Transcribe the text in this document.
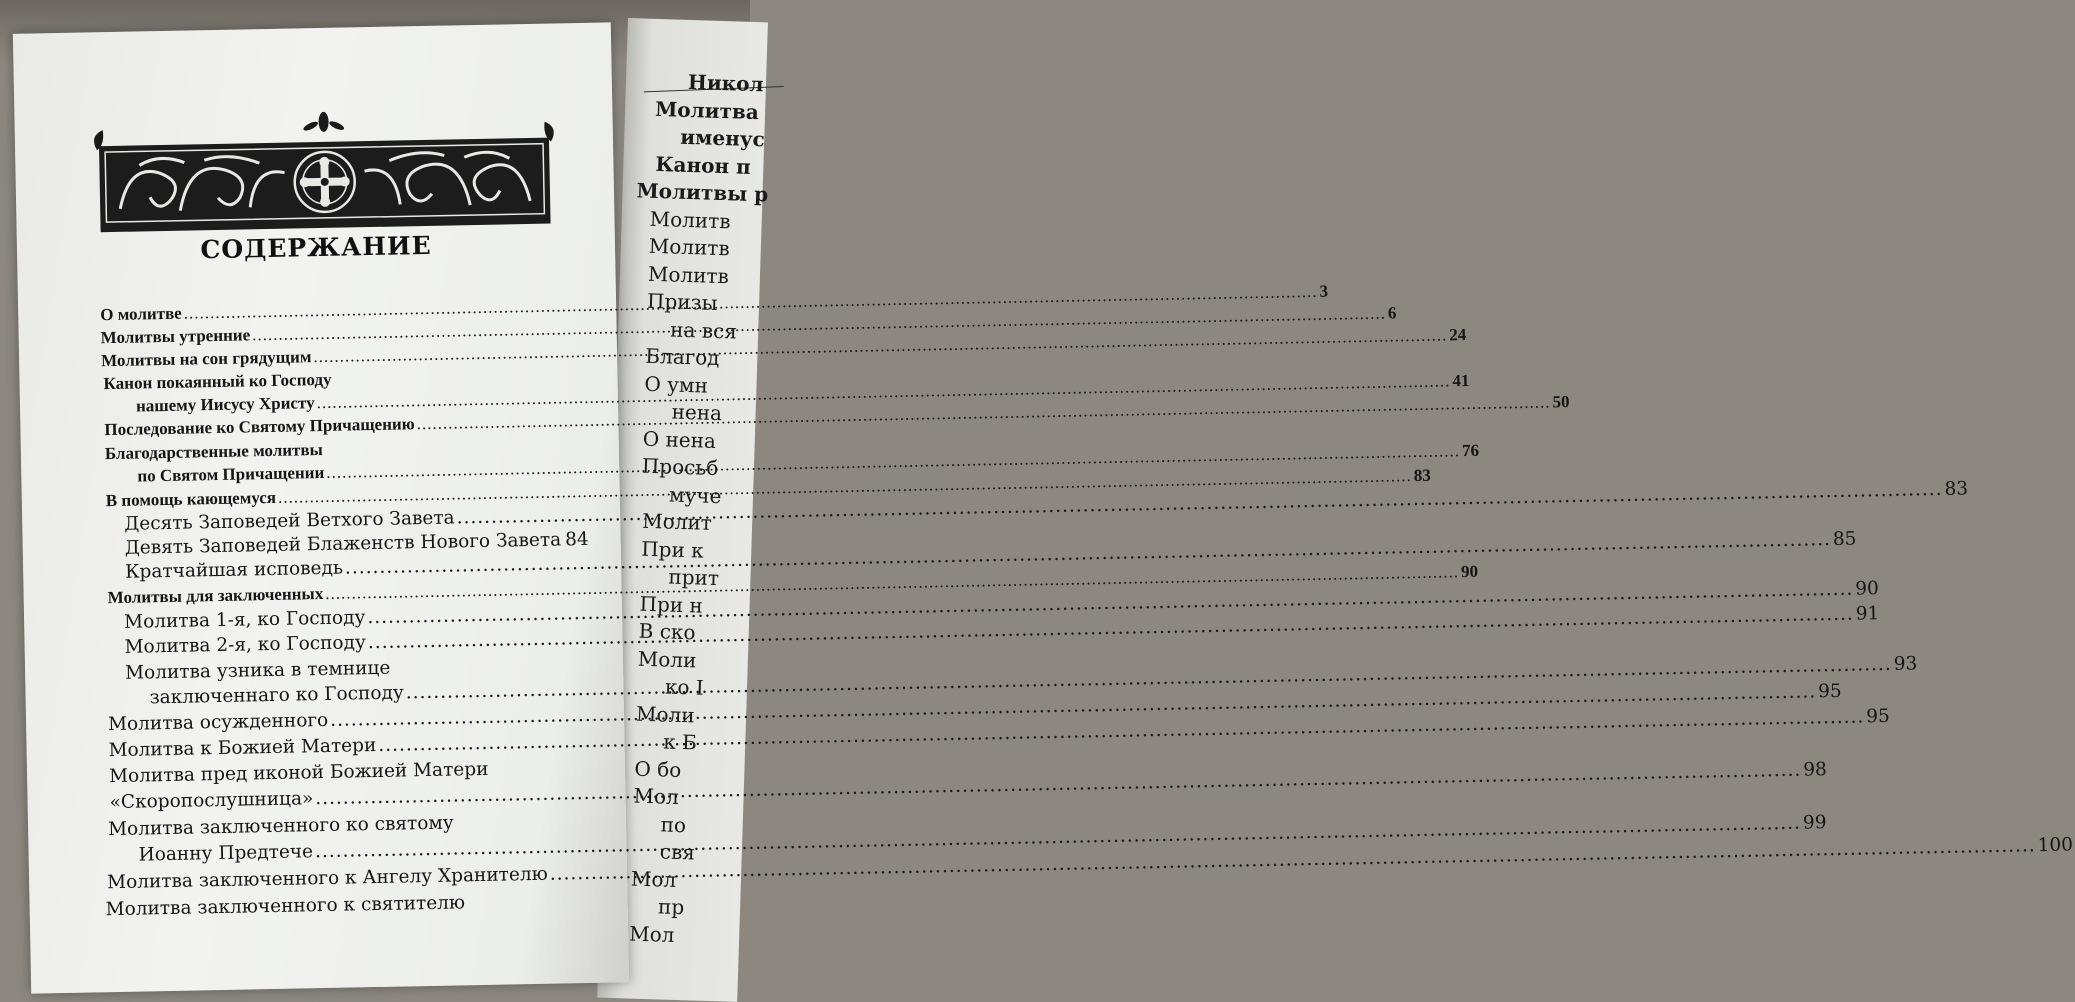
Никол
Молитва
именус
Канон п
Молитвы р
Молитв
Молитв
Молитв
Призы
на вся
Благод
О умн
нена
О нена
Просьб
муче
Молит
При к
прит
При н
В ско
Моли
ко I
Моли
к Б
О бо
Мол
по
свя
Мол
пр
Мол
СОДЕРЖАНИЕ
О молитве
.....
3
Молитвы утренние
.....
6
Молитвы на сон грядущим
.....
24
Канон покаянный ко Господу
нашему Иисусу Христу
.....
41
Последование ко Святому Причащению
.....
50
Благодарственные молитвы
по Святом Причащении
.....
76
В помощь кающемуся
.....
83
Десять Заповедей Ветхого Завета
.....
83
Девять Заповедей Блаженств Нового Завета
..... 84
Кратчайшая исповедь
.....
85
Молитвы для заключенных
.....
90
Молитва 1-я, ко Господу
.....
90
Молитва 2-я, ко Господу
.....
91
Молитва узника в темнице
заключеннаго ко Господу
.....
93
Молитва осужденного
.....
95
Молитва к Божией Матери
.....
95
Молитва пред иконой Божией Матери
«Скоропослушница»
.....
98
Молитва заключенного ко святому
Иоанну Предтече
.....
99
Молитва заключенного к Ангелу Хранителю
.....
100
Молитва заключенного к святителю
